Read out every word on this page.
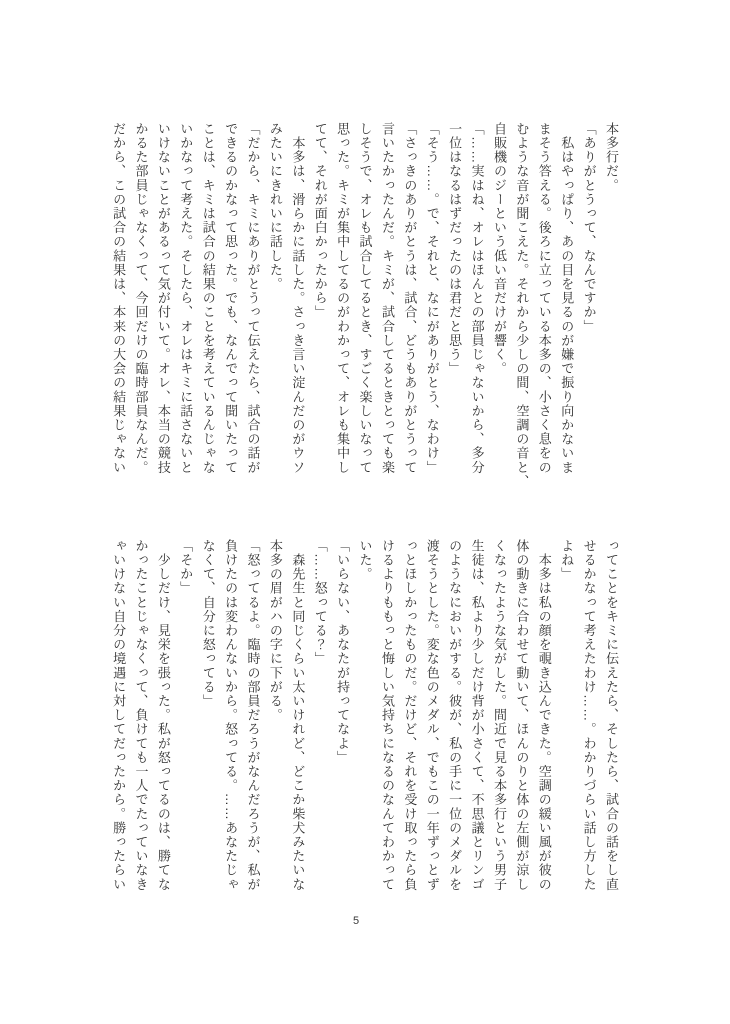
本多行だ。
「ありがとうって、なんですか」
　私はやっぱり、あの目を見るのが嫌で振り向かないま
まそう答える。後ろに立っている本多の、小さく息をの
むような音が聞こえた。それから少しの間、空調の音と、
自販機のジーという低い音だけが響く。
「……実はね、オレはほんとの部員じゃないから、多分
一位はなるはずだったのは君だと思う」
「そう……。で、それと、なにがありがとう、なわけ」
「さっきのありがとうは、試合、どうもありがとうって
言いたかったんだ。キミが、試合してるときとっても楽
しそうで、オレも試合してるとき、すごく楽しいなって
思った。キミが集中してるのがわかって、オレも集中し
てて、それが面白かったから」
　本多は、滑らかに話した。さっき言い淀んだのがウソ
みたいにきれいに話した。
「だから、キミにありがとうって伝えたら、試合の話が
できるのかなって思った。でも、なんでって聞いたって
ことは、キミは試合の結果のことを考えているんじゃな
いかなって考えた。そしたら、オレはキミに話さないと
いけないことがあるって気が付いて。オレ、本当の競技
かるた部員じゃなくって、今回だけの臨時部員なんだ。
だから、この試合の結果は、本来の大会の結果じゃない
ってことをキミに伝えたら、そしたら、試合の話をし直
せるかなって考えたわけ……。わかりづらい話し方した
よね」
　本多は私の顔を覗き込んできた。空調の緩い風が彼の
体の動きに合わせて動いて、ほんのりと体の左側が涼し
くなったような気がした。間近で見る本多行という男子
生徒は、私より少しだけ背が小さくて、不思議とリンゴ
のようなにおいがする。彼が、私の手に一位のメダルを
渡そうとした。変な色のメダル、でもこの一年ずっとず
っとほしかったものだ。だけど、それを受け取ったら負
けるよりももっと悔しい気持ちになるのなんてわかって
いた。
「いらない、あなたが持ってなよ」
「……怒ってる？」
　森先生と同じくらい太いけれど、どこか柴犬みたいな
本多の眉がハの字に下がる。
「怒ってるよ。臨時の部員だろうがなんだろうが、私が
負けたのは変わんないから。怒ってる。……あなたじゃ
なくて、自分に怒ってる」
「そか」
　少しだけ、見栄を張った。私が怒ってるのは、勝てな
かったことじゃなくって、負けても一人でたっていなき
ゃいけない自分の境遇に対してだったから。勝ったらい
5
